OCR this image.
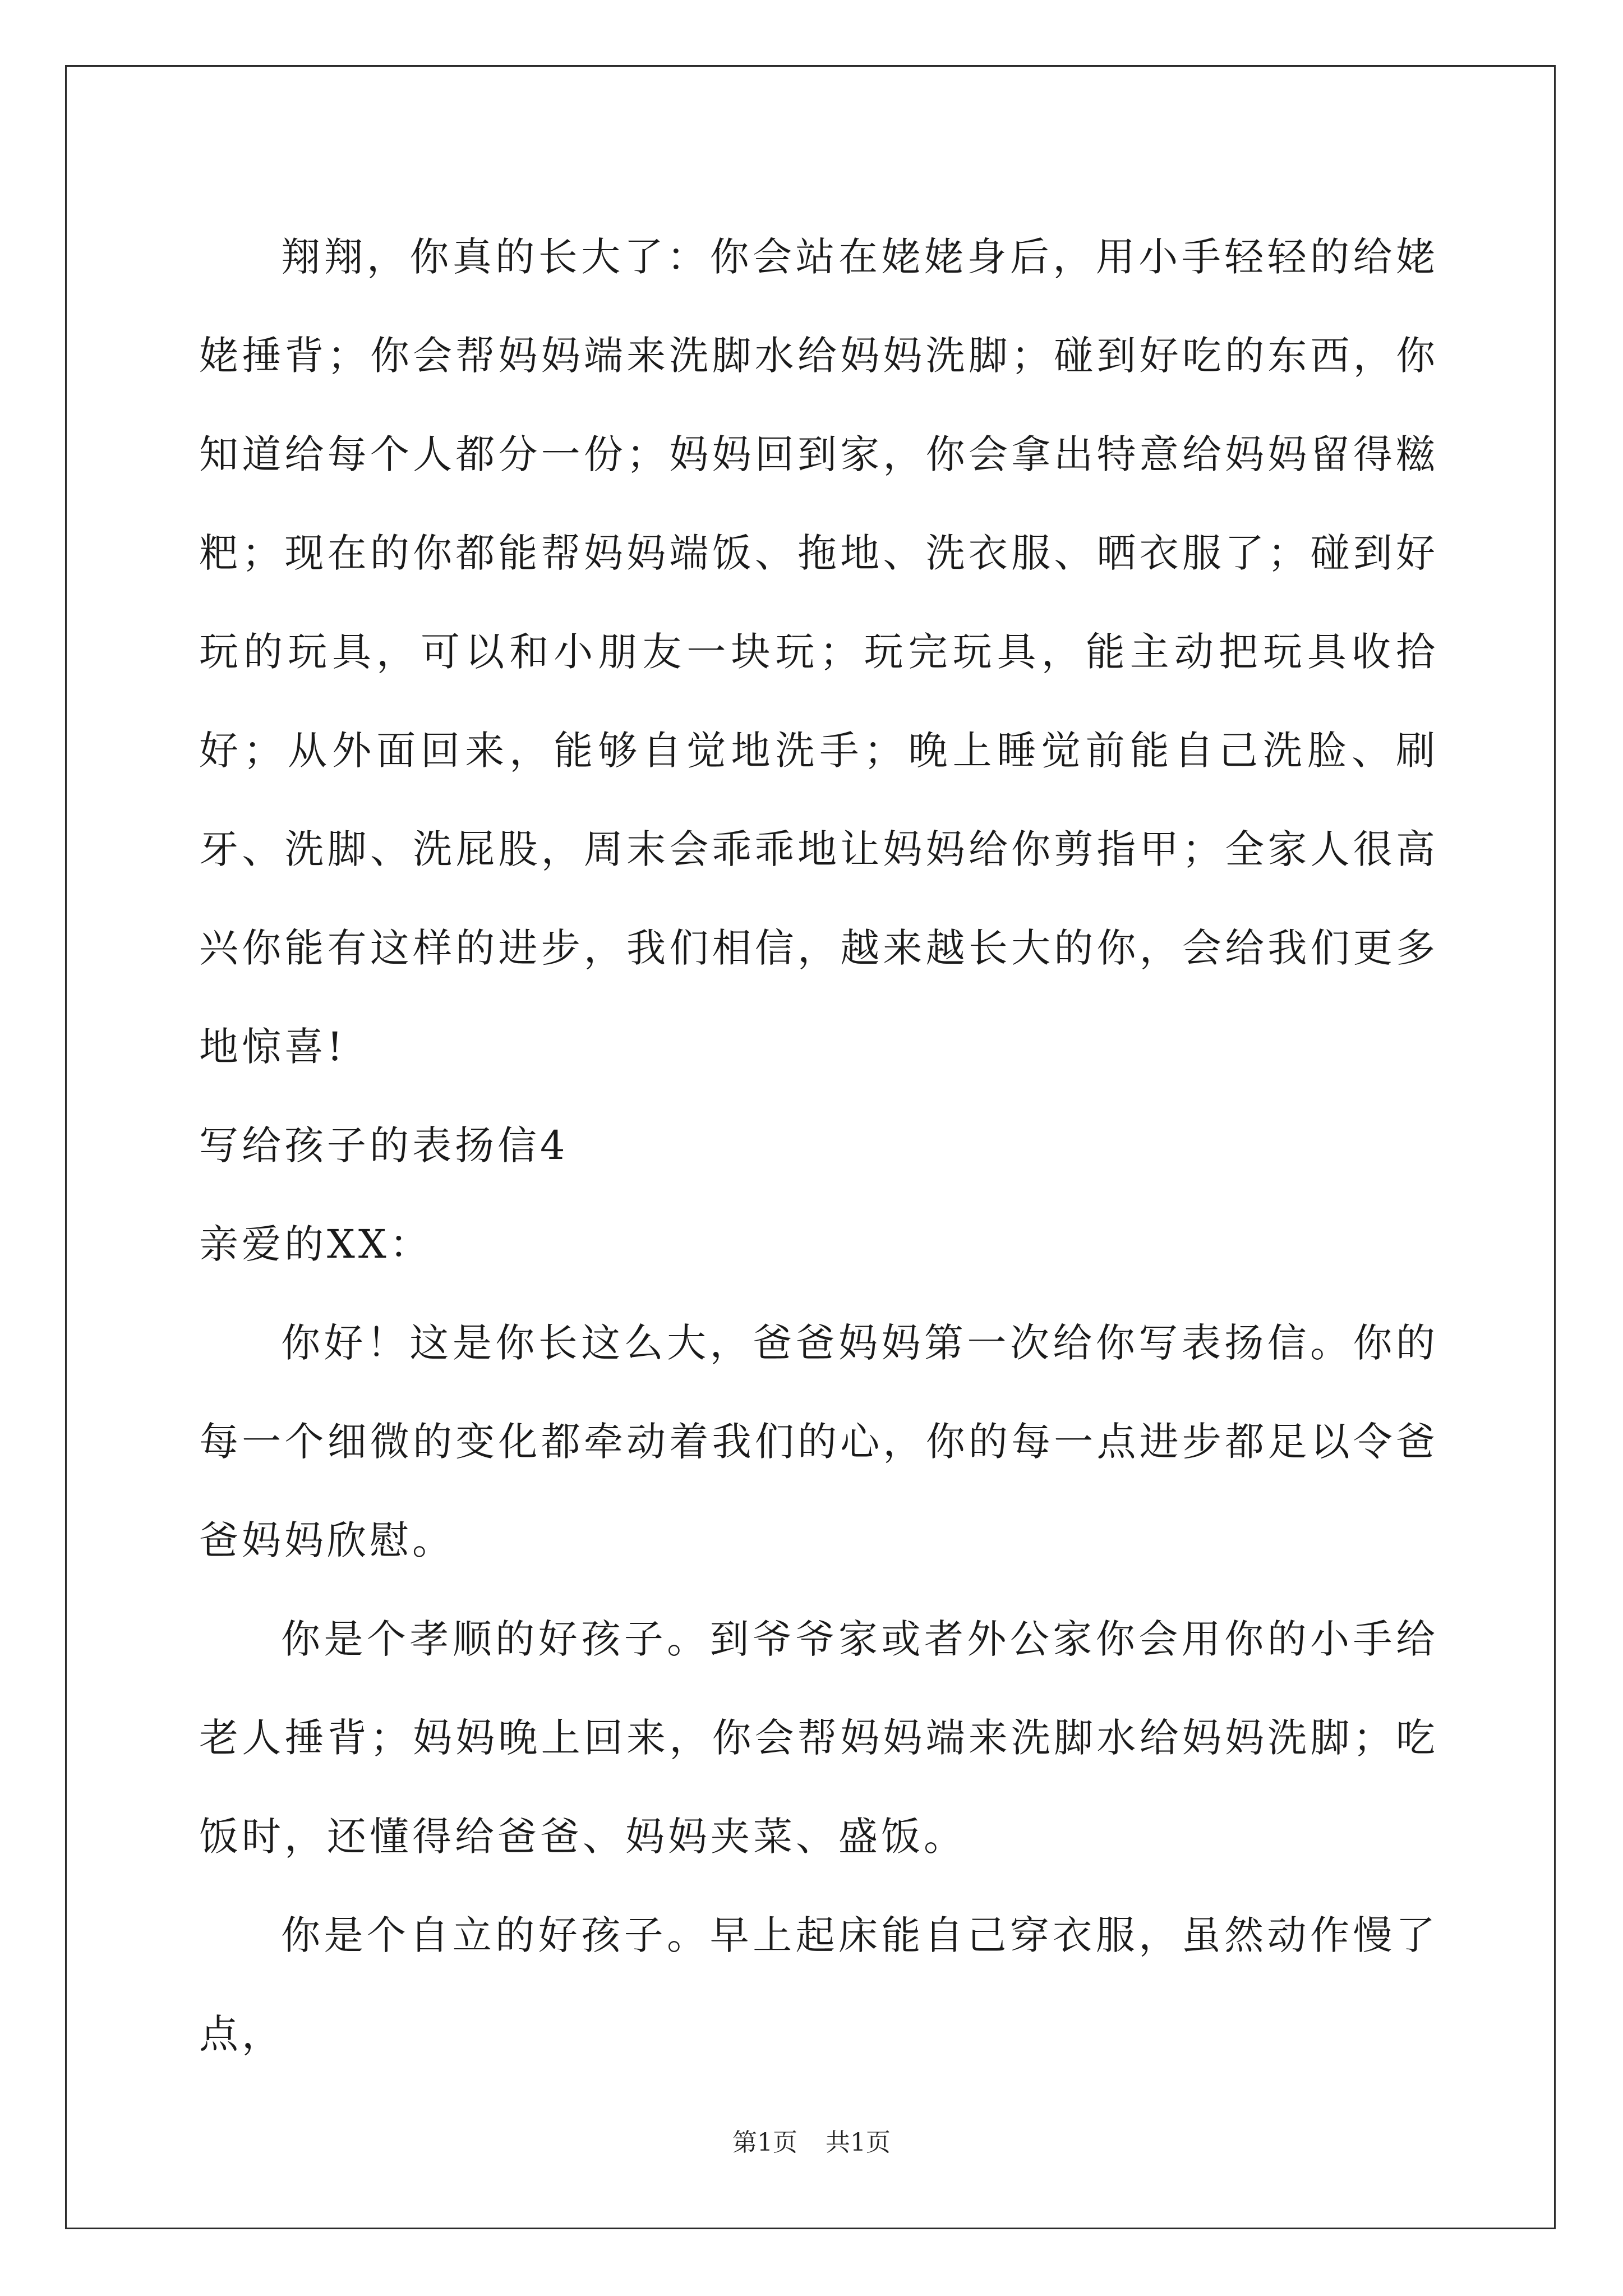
翔翔，你真的长大了：你会站在姥姥身后，用小手轻轻的给姥姥捶背；你会帮妈妈端来洗脚水给妈妈洗脚；碰到好吃的东西，你知道给每个人都分一份；妈妈回到家，你会拿出特意给妈妈留得糍粑；现在的你都能帮妈妈端饭、拖地、洗衣服、晒衣服了；碰到好玩的玩具，可以和小朋友一块玩；玩完玩具，能主动把玩具收拾好；从外面回来，能够自觉地洗手；晚上睡觉前能自己洗脸、刷牙、洗脚、洗屁股，周末会乖乖地让妈妈给你剪指甲；全家人很高兴你能有这样的进步，我们相信，越来越长大的你，会给我们更多地惊喜!

写给孩子的表扬信4

亲爱的XX：

你好！这是你长这么大，爸爸妈妈第一次给你写表扬信。你的每一个细微的变化都牵动着我们的心，你的每一点进步都足以令爸爸妈妈欣慰。

你是个孝顺的好孩子。到爷爷家或者外公家你会用你的小手给老人捶背；妈妈晚上回来，你会帮妈妈端来洗脚水给妈妈洗脚；吃饭时，还懂得给爸爸、妈妈夹菜、盛饭。

你是个自立的好孩子。早上起床能自己穿衣服，虽然动作慢了点，

第1页 共1页
